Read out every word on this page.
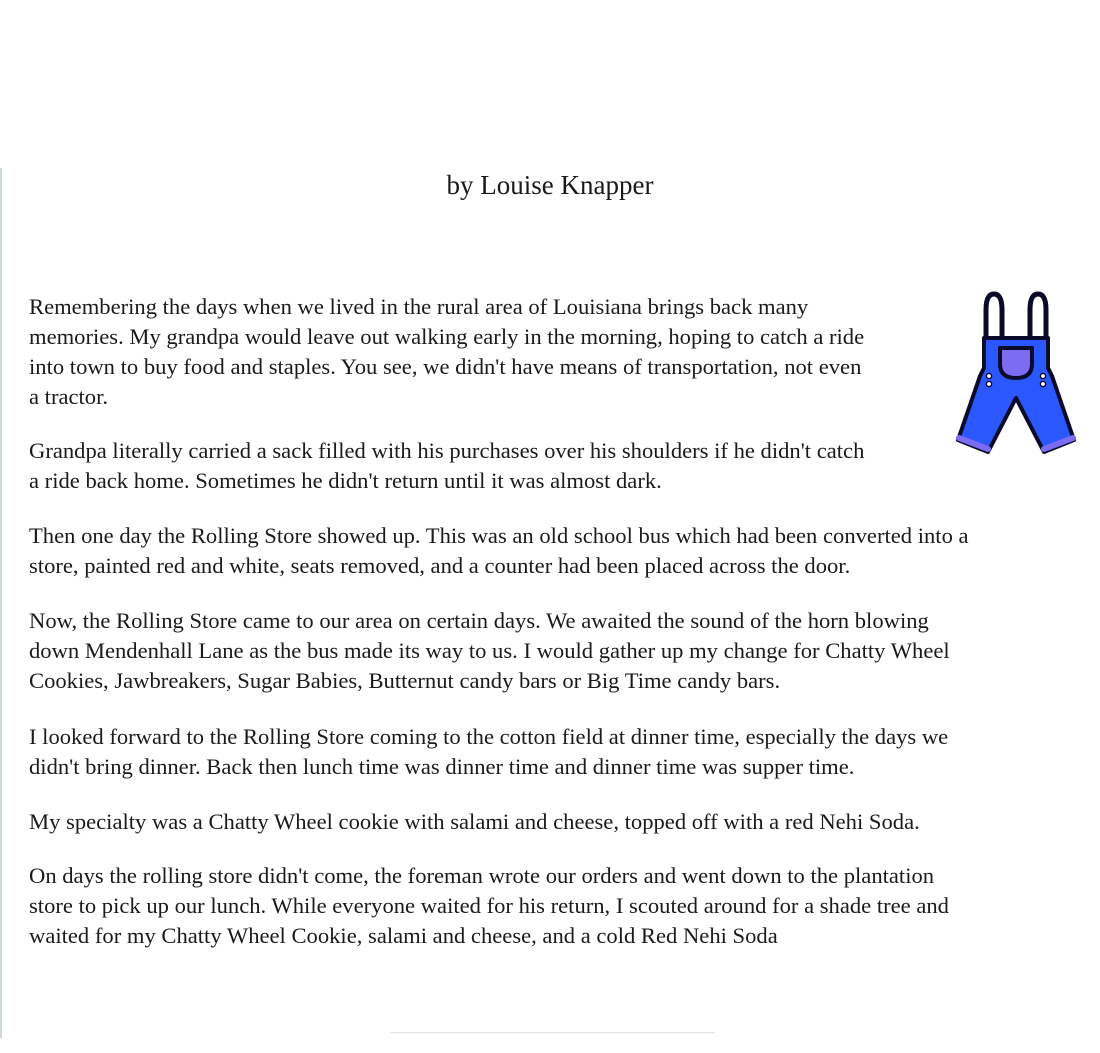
by Louise Knapper

Remembering the days when we lived in the rural area of Louisiana brings back many
memories. My grandpa would leave out walking early in the morning, hoping to catch a ride
into town to buy food and staples. You see, we didn't have means of transportation, not even
a tractor.

Grandpa literally carried a sack filled with his purchases over his shoulders if he didn't catch
a ride back home. Sometimes he didn't return until it was almost dark.

Then one day the Rolling Store showed up. This was an old school bus which had been converted into a
store, painted red and white, seats removed, and a counter had been placed across the door.

Now, the Rolling Store came to our area on certain days. We awaited the sound of the horn blowing
down Mendenhall Lane as the bus made its way to us. I would gather up my change for Chatty Wheel
Cookies, Jawbreakers, Sugar Babies, Butternut candy bars or Big Time candy bars.

I looked forward to the Rolling Store coming to the cotton field at dinner time, especially the days we
didn't bring dinner. Back then lunch time was dinner time and dinner time was supper time.

My specialty was a Chatty Wheel cookie with salami and cheese, topped off with a red Nehi Soda.

On days the rolling store didn't come, the foreman wrote our orders and went down to the plantation
store to pick up our lunch. While everyone waited for his return, I scouted around for a shade tree and
waited for my Chatty Wheel Cookie, salami and cheese, and a cold Red Nehi Soda
